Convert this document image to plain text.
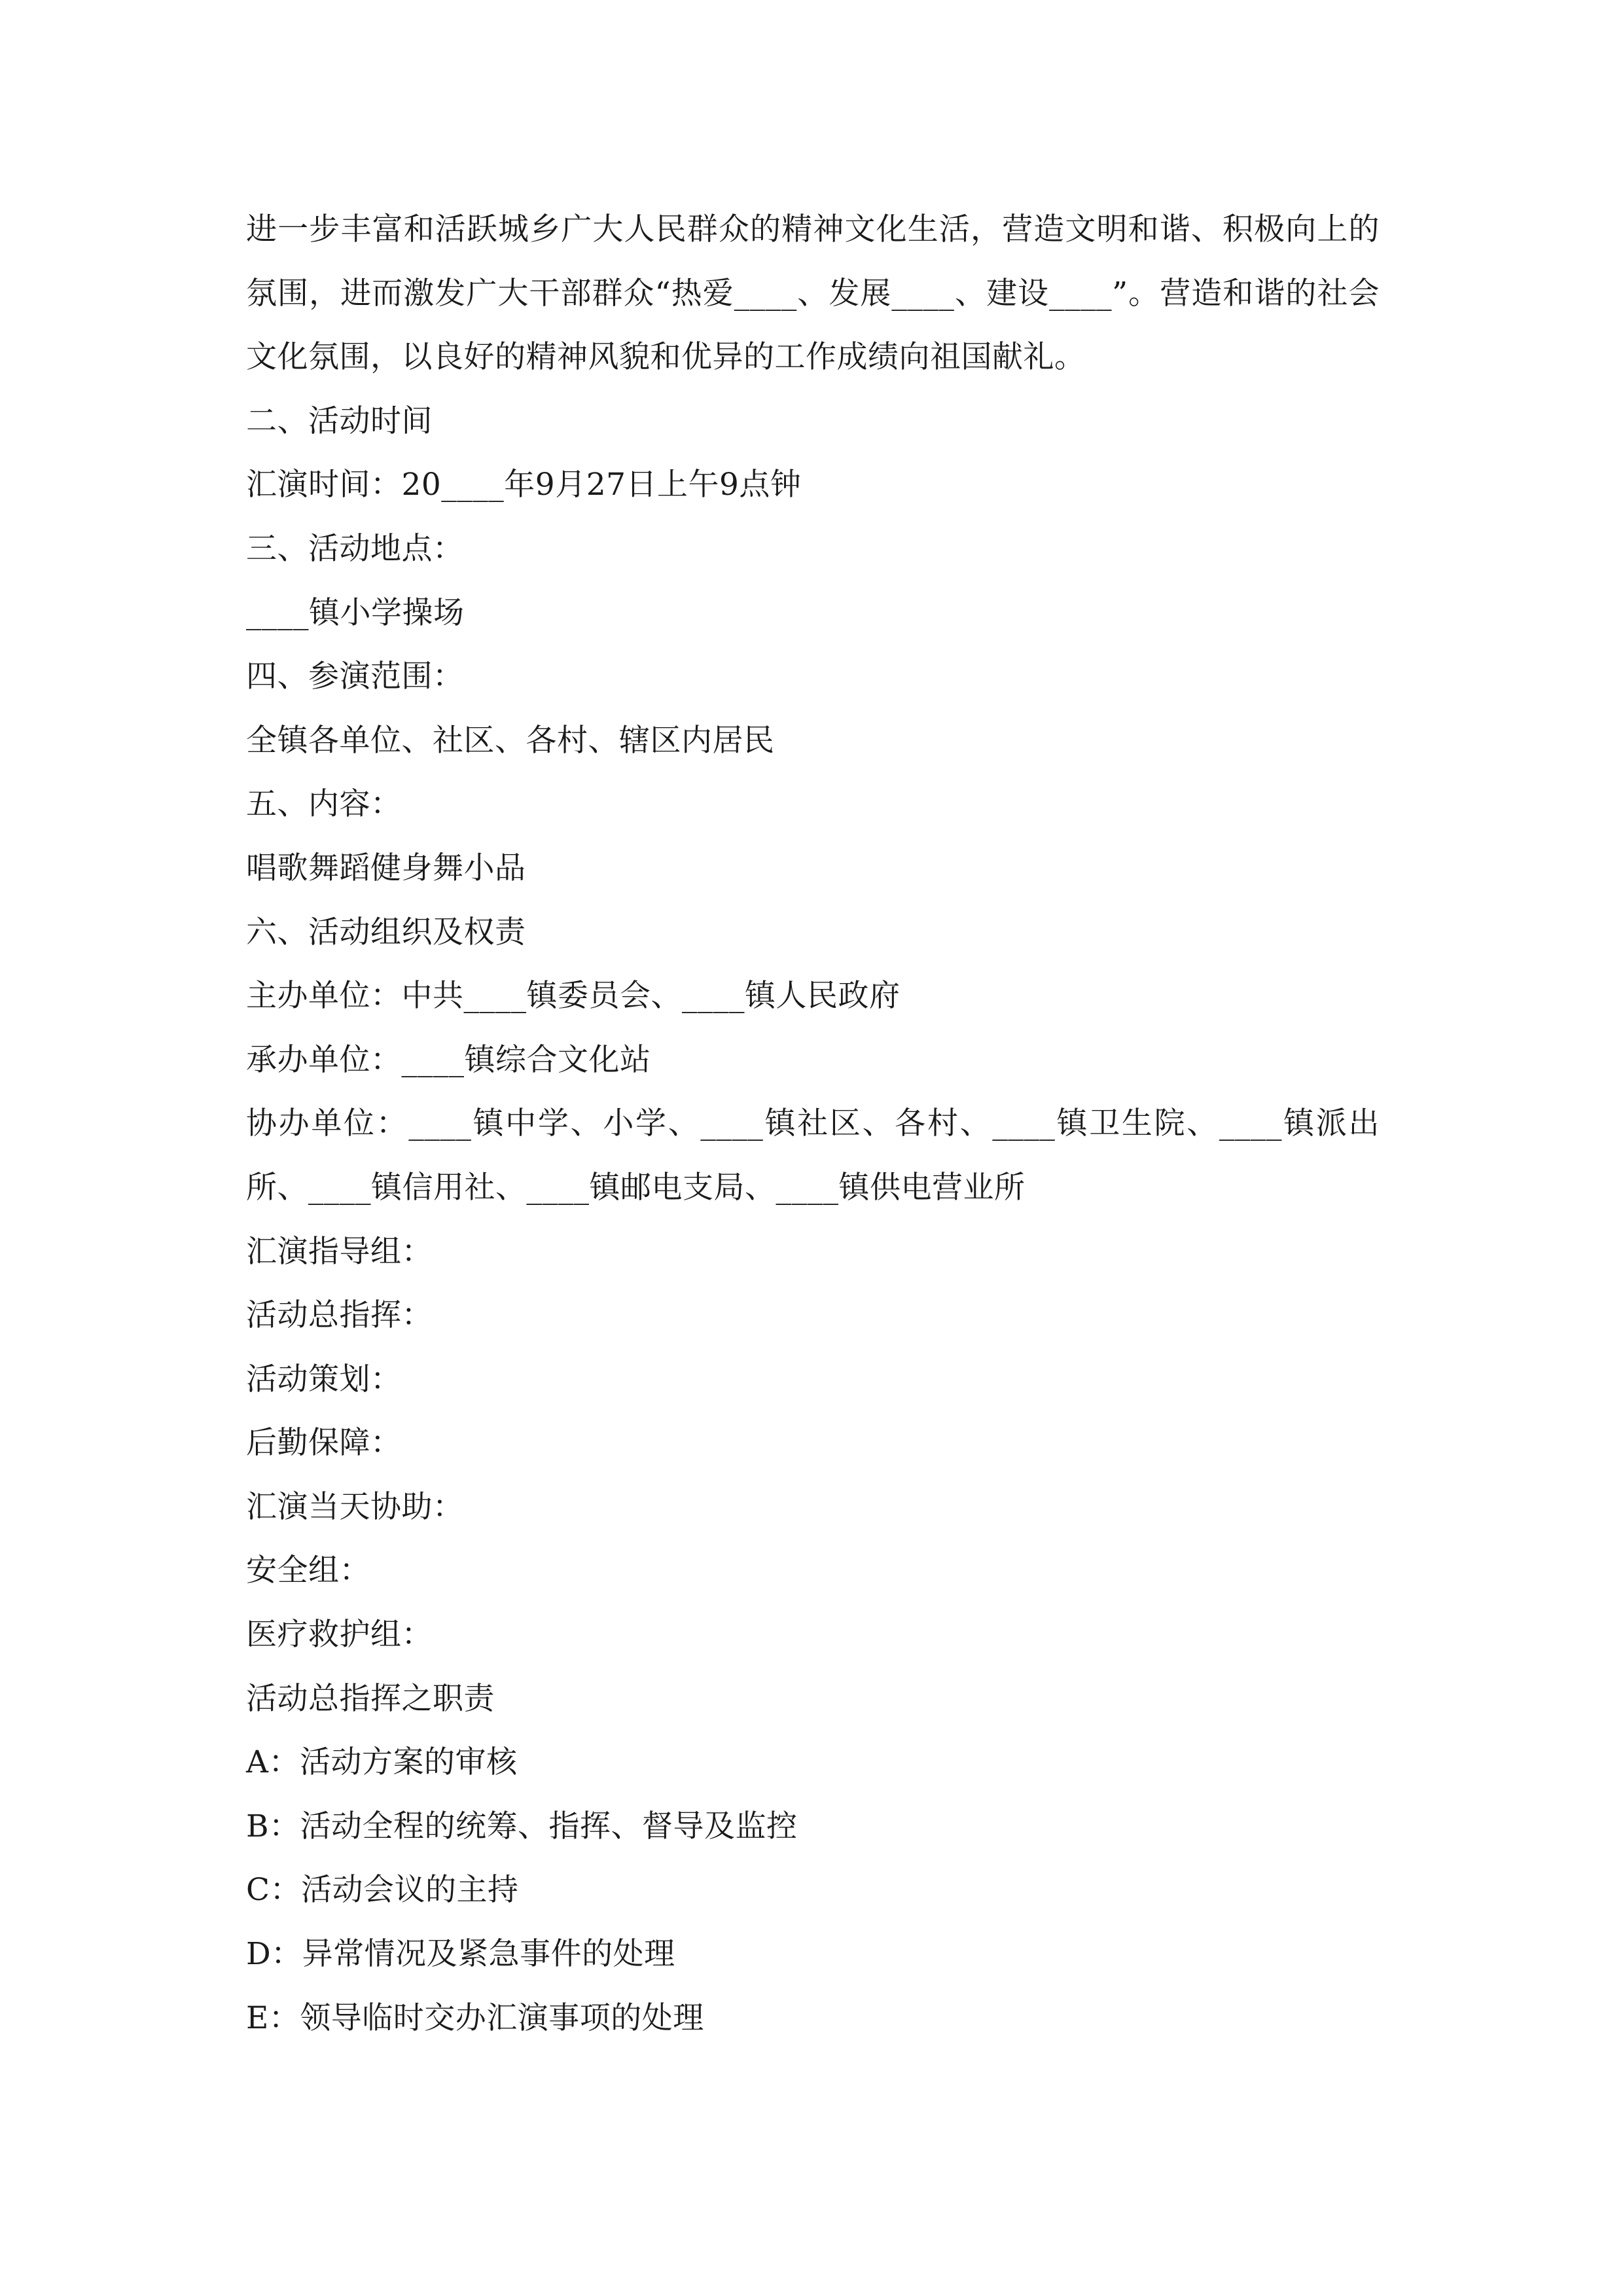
进一步丰富和活跃城乡广大人民群众的精神文化生活，营造文明和谐、积极向上的氛围，进而激发广大干部群众“热爱____、发展____、建设____”。营造和谐的社会文化氛围，以良好的精神风貌和优异的工作成绩向祖国献礼。
二、活动时间
汇演时间：20____年9月27日上午9点钟
三、活动地点：
____镇小学操场
四、参演范围：
全镇各单位、社区、各村、辖区内居民
五、内容：
唱歌舞蹈健身舞小品
六、活动组织及权责
主办单位：中共____镇委员会、____镇人民政府
承办单位：____镇综合文化站
协办单位：____镇中学、小学、____镇社区、各村、____镇卫生院、____镇派出所、____镇信用社、____镇邮电支局、____镇供电营业所
汇演指导组：
活动总指挥：
活动策划：
后勤保障：
汇演当天协助：
安全组：
医疗救护组：
活动总指挥之职责
A：活动方案的审核
B：活动全程的统筹、指挥、督导及监控
C：活动会议的主持
D：异常情况及紧急事件的处理
E：领导临时交办汇演事项的处理
